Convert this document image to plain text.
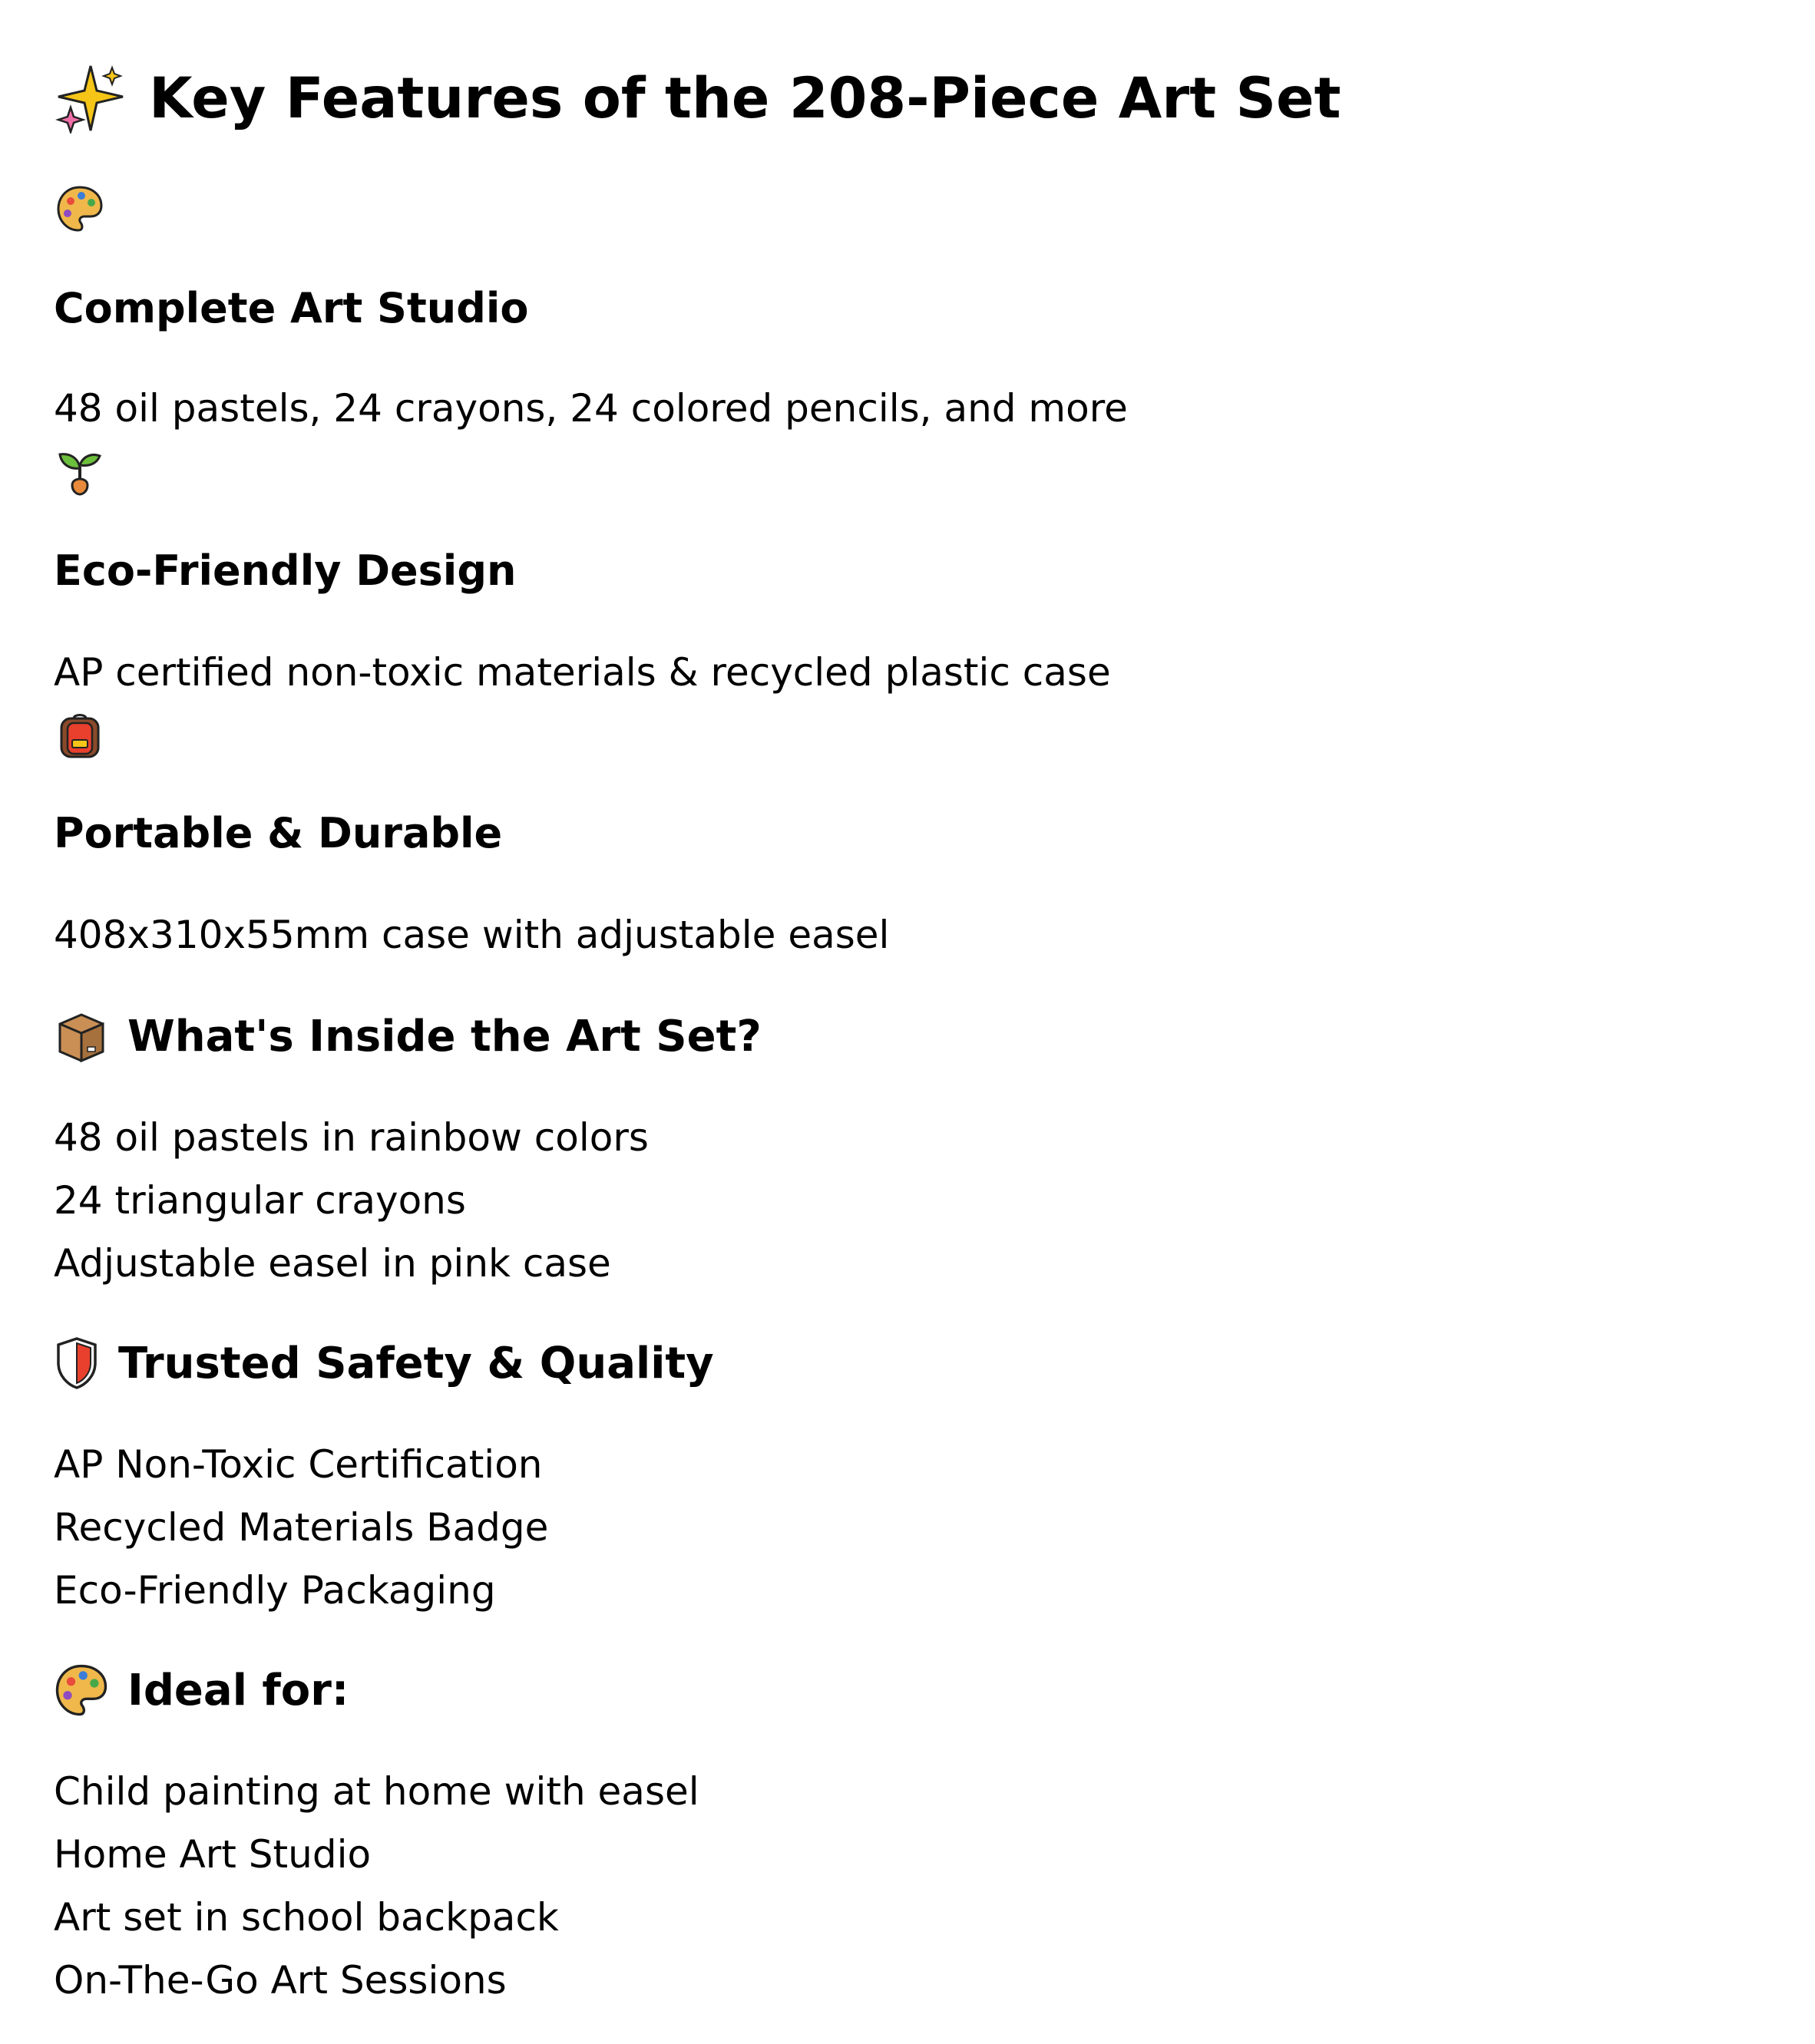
Key Features of the 208-Piece Art Set
Complete Art Studio
48 oil pastels, 24 crayons, 24 colored pencils, and more
Eco-Friendly Design
AP certified non-toxic materials & recycled plastic case
Portable & Durable
408x310x55mm case with adjustable easel
What's Inside the Art Set?
48 oil pastels in rainbow colors
24 triangular crayons
Adjustable easel in pink case
Trusted Safety & Quality
AP Non-Toxic Certification
Recycled Materials Badge
Eco-Friendly Packaging
Ideal for:
Child painting at home with easel
Home Art Studio
Art set in school backpack
On-The-Go Art Sessions
